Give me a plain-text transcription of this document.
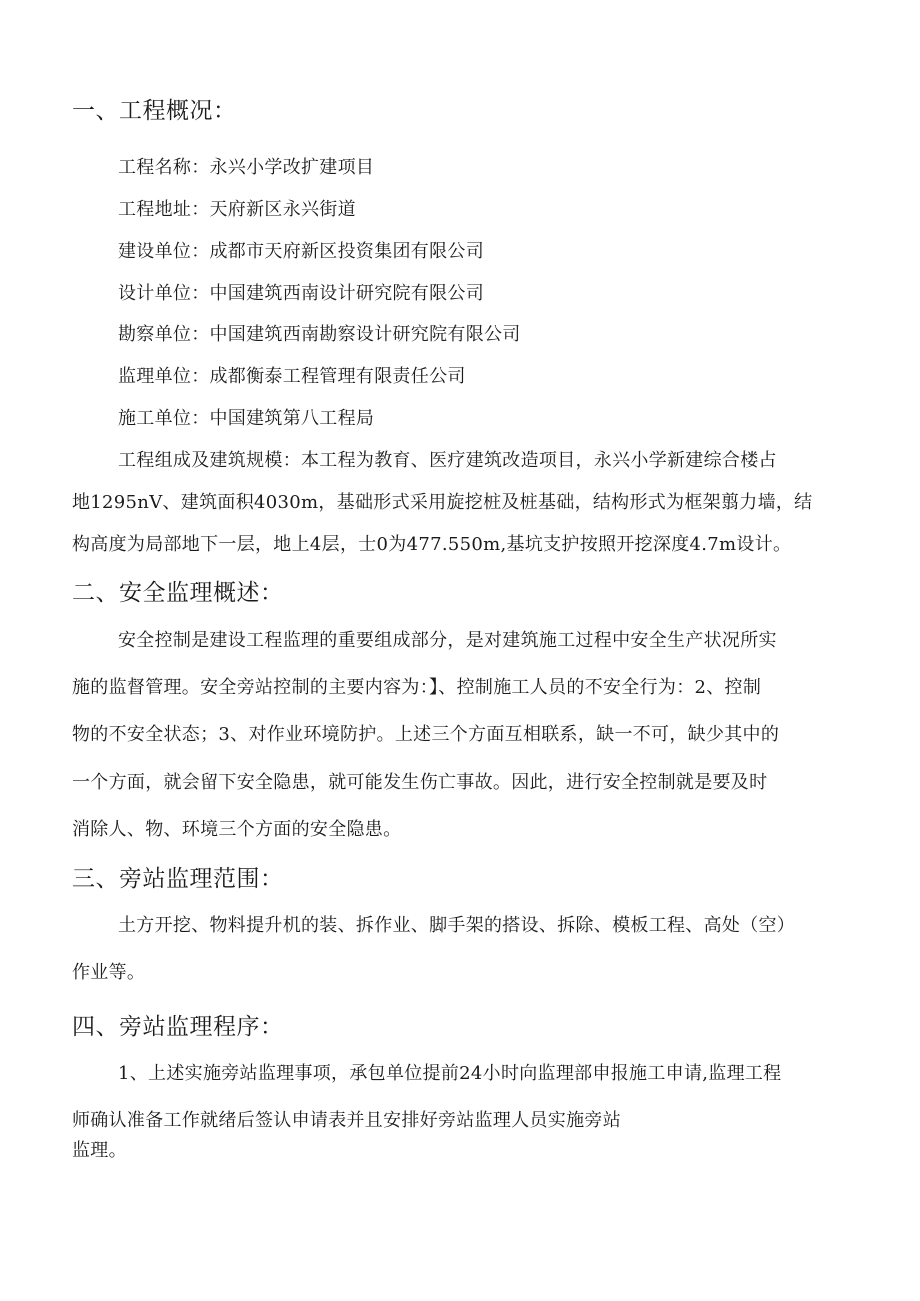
一、工程概况：

工程名称：永兴小学改扩建项目

工程地址：天府新区永兴街道

建设单位：成都市天府新区投资集团有限公司

设计单位：中国建筑西南设计研究院有限公司

勘察单位：中国建筑西南勘察设计研究院有限公司

监理单位：成都衡泰工程管理有限责任公司

施工单位：中国建筑第八工程局

工程组成及建筑规模：本工程为教育、医疗建筑改造项目，永兴小学新建综合楼占

地1295nV、建筑面积4030m，基础形式采用旋挖桩及桩基础，结构形式为框架翦力墙，结

构高度为局部地下一层，地上4层，士0为477.550m,基坑支护按照开挖深度4.7m设计。

二、安全监理概述：

安全控制是建设工程监理的重要组成部分，是对建筑施工过程中安全生产状况所实

施的监督管理。安全旁站控制的主要内容为：】、控制施工人员的不安全行为：2、控制

物的不安全状态；3、对作业环境防护。上述三个方面互相联系，缺一不可，缺少其中的

一个方面，就会留下安全隐患，就可能发生伤亡事故。因此，进行安全控制就是要及时

消除人、物、环境三个方面的安全隐患。

三、旁站监理范围：

土方开挖、物料提升机的装、拆作业、脚手架的搭设、拆除、模板工程、高处（空）

作业等。

四、旁站监理程序：

1、上述实施旁站监理事项，承包单位提前24小时向监理部申报施工申请,监理工程

师确认准备工作就绪后签认申请表并且安排好旁站监理人员实施旁站

监理。
